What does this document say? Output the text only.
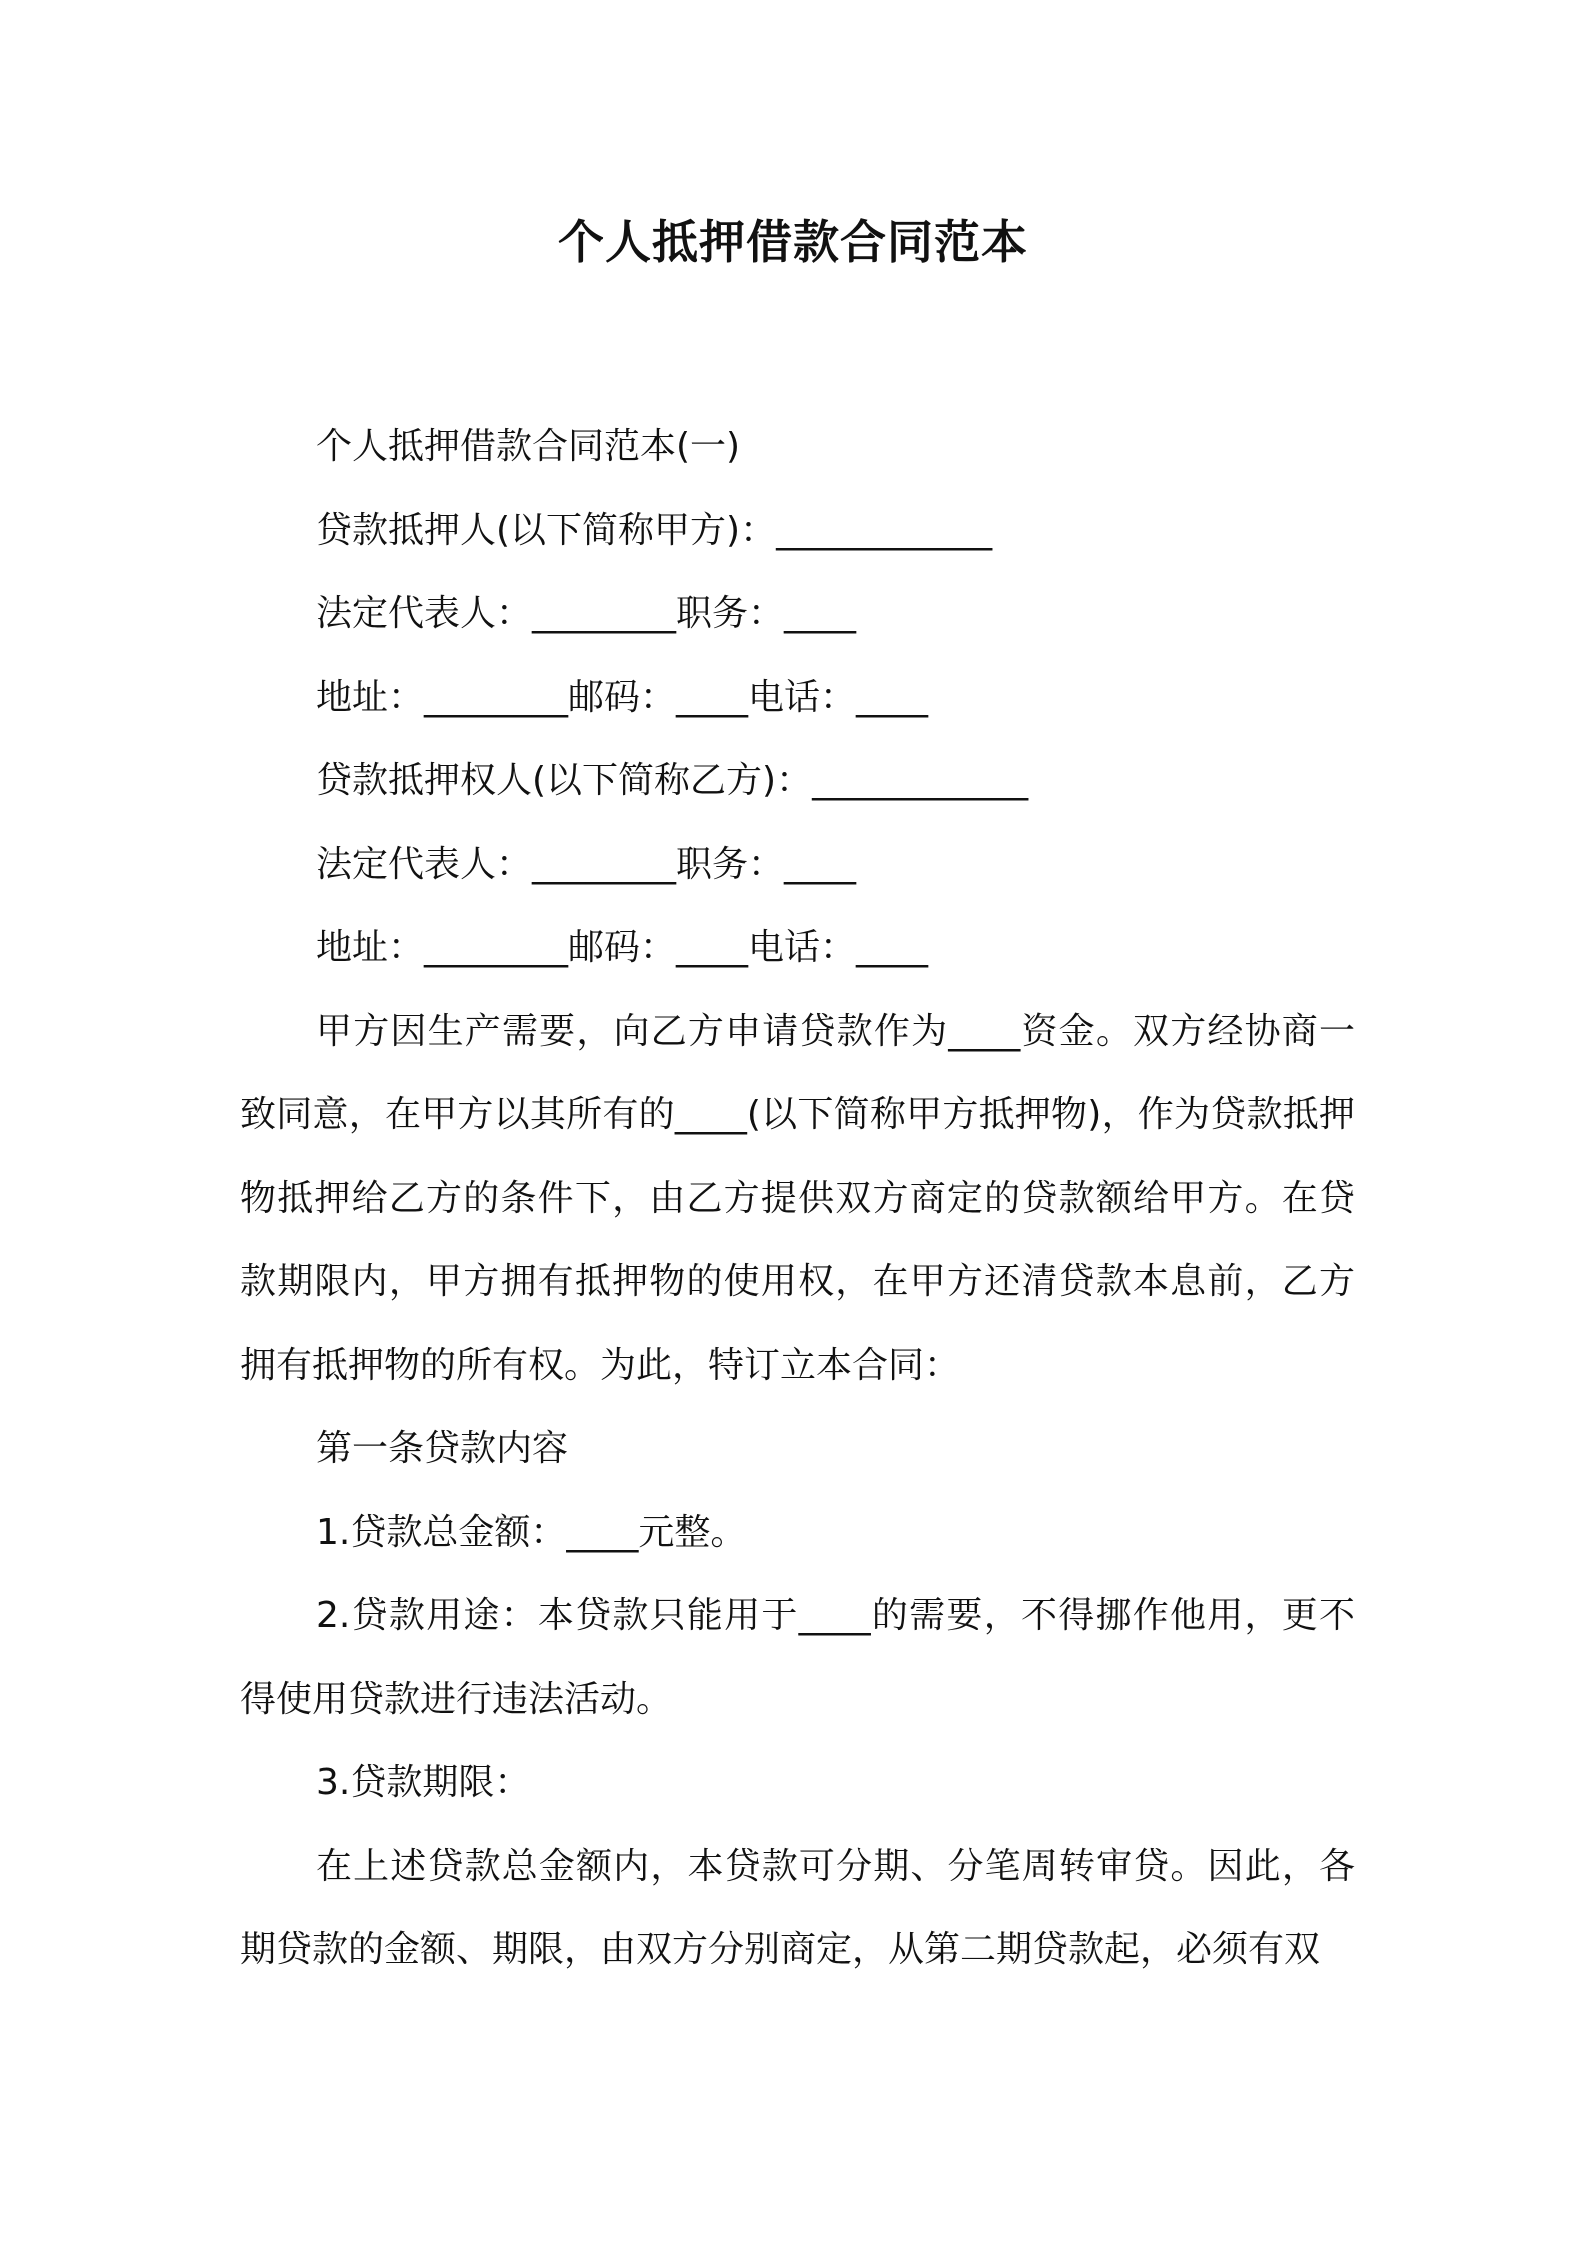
个人抵押借款合同范本

个人抵押借款合同范本(一)

贷款抵押人(以下简称甲方)：____________

法定代表人：________职务：____

地址：________邮码：____电话：____

贷款抵押权人(以下简称乙方)：____________

法定代表人：________职务：____

地址：________邮码：____电话：____

甲方因生产需要，向乙方申请贷款作为____资金。双方经协商一致同意，在甲方以其所有的____(以下简称甲方抵押物)，作为贷款抵押物抵押给乙方的条件下，由乙方提供双方商定的贷款额给甲方。在贷款期限内，甲方拥有抵押物的使用权，在甲方还清贷款本息前，乙方拥有抵押物的所有权。为此，特订立本合同：

第一条贷款内容

1.贷款总金额：____元整。

2.贷款用途：本贷款只能用于____的需要，不得挪作他用，更不得使用贷款进行违法活动。

3.贷款期限：

在上述贷款总金额内，本贷款可分期、分笔周转审贷。因此，各期贷款的金额、期限，由双方分别商定，从第二期贷款起，必须有双
